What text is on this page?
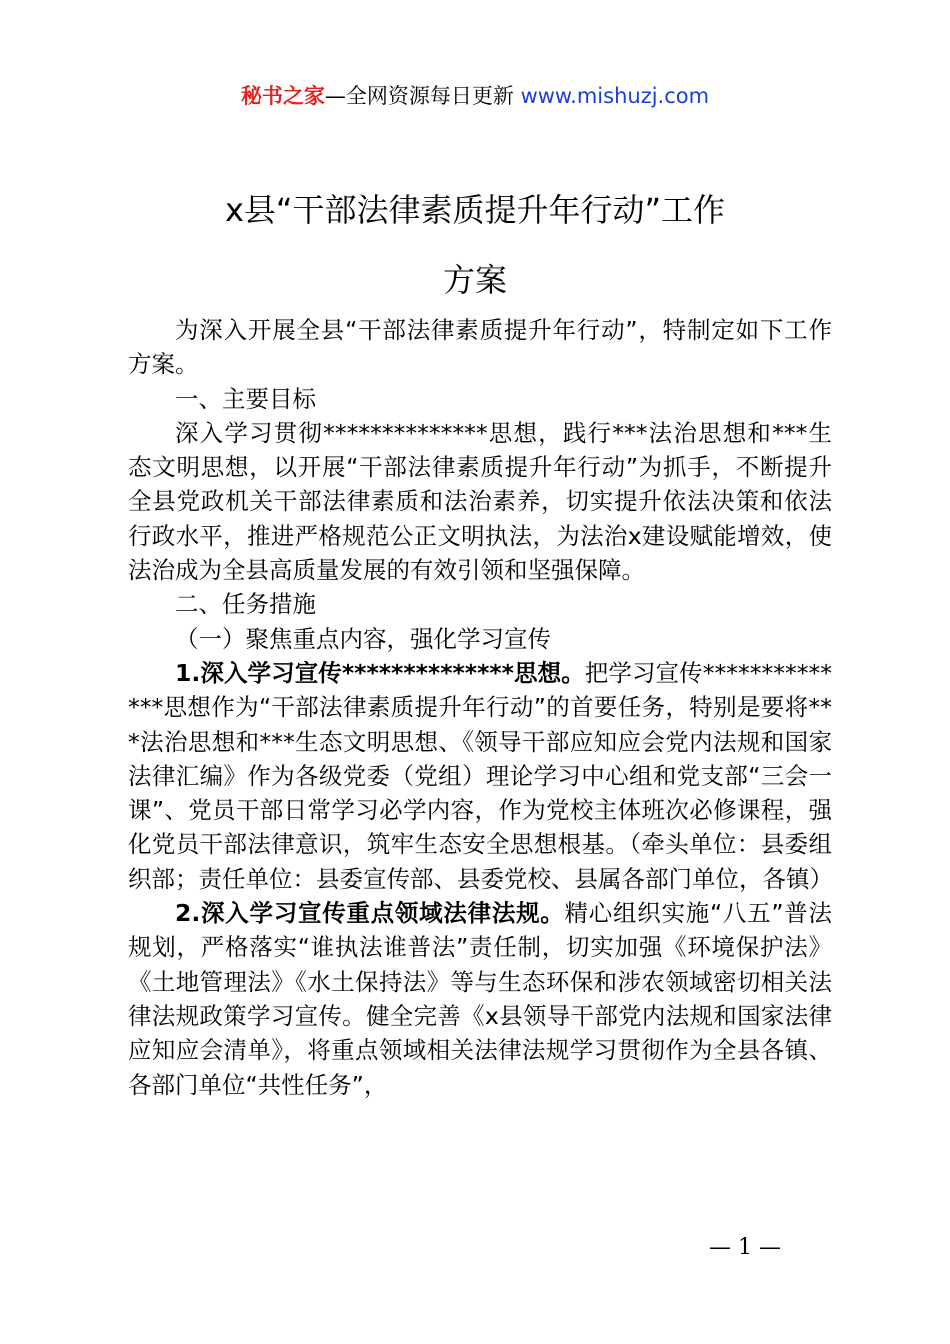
秘书之家—全网资源每日更新 www.mishuzj.com
x县“干部法律素质提升年行动”工作
方案

为深入开展全县“干部法律素质提升年行动”，特制定如下工作方案。

一、主要目标

深入学习贯彻**************思想，践行***法治思想和***生态文明思想，以开展“干部法律素质提升年行动”为抓手，不断提升全县党政机关干部法律素质和法治素养，切实提升依法决策和依法行政水平，推进严格规范公正文明执法，为法治x建设赋能增效，使法治成为全县高质量发展的有效引领和坚强保障。

二、任务措施

（一）聚焦重点内容，强化学习宣传

1.深入学习宣传**************思想。把学习宣传**************思想作为“干部法律素质提升年行动”的首要任务，特别是要将***法治思想和***生态文明思想、《领导干部应知应会党内法规和国家法律汇编》作为各级党委（党组）理论学习中心组和党支部“三会一课”、党员干部日常学习必学内容，作为党校主体班次必修课程，强化党员干部法律意识，筑牢生态安全思想根基。（牵头单位：县委组织部；责任单位：县委宣传部、县委党校、县属各部门单位，各镇）

2.深入学习宣传重点领域法律法规。精心组织实施“八五”普法规划，严格落实“谁执法谁普法”责任制，切实加强《环境保护法》《土地管理法》《水土保持法》等与生态环保和涉农领域密切相关法律法规政策学习宣传。健全完善《x县领导干部党内法规和国家法律应知应会清单》，将重点领域相关法律法规学习贯彻作为全县各镇、各部门单位“共性任务”，

— 1 —
